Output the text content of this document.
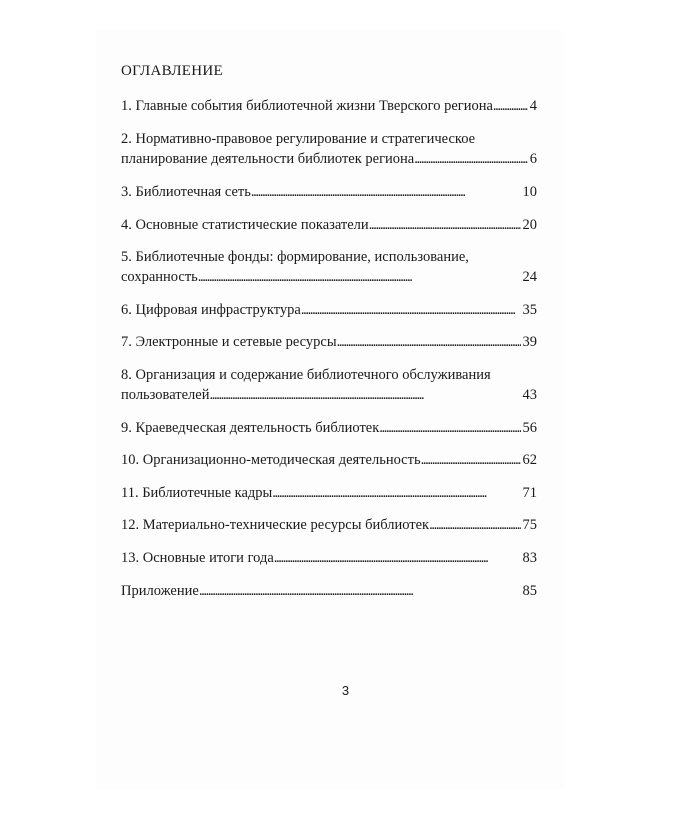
ОГЛАВЛЕНИЕ
1. Главные события библиотечной жизни Тверского региона . . .	4
2. Нормативно-правовое регулирование и стратегическое
планирование деятельности библиотек региона . . .	6
3. Библиотечная сеть . . .	10
4. Основные статистические показатели . . .	20
5. Библиотечные фонды: формирование, использование,
сохранность . . .	24
6. Цифровая инфраструктура . . .	35
7. Электронные и сетевые ресурсы . . .	39
8. Организация и содержание библиотечного обслуживания
пользователей . . .	43
9. Краеведческая деятельность библиотек . . .	56
10. Организационно-методическая деятельность . . .	62
11. Библиотечные кадры . . .	71
12. Материально-технические ресурсы библиотек . . .	75
13. Основные итоги года . . .	83
Приложение . . .	85
3
